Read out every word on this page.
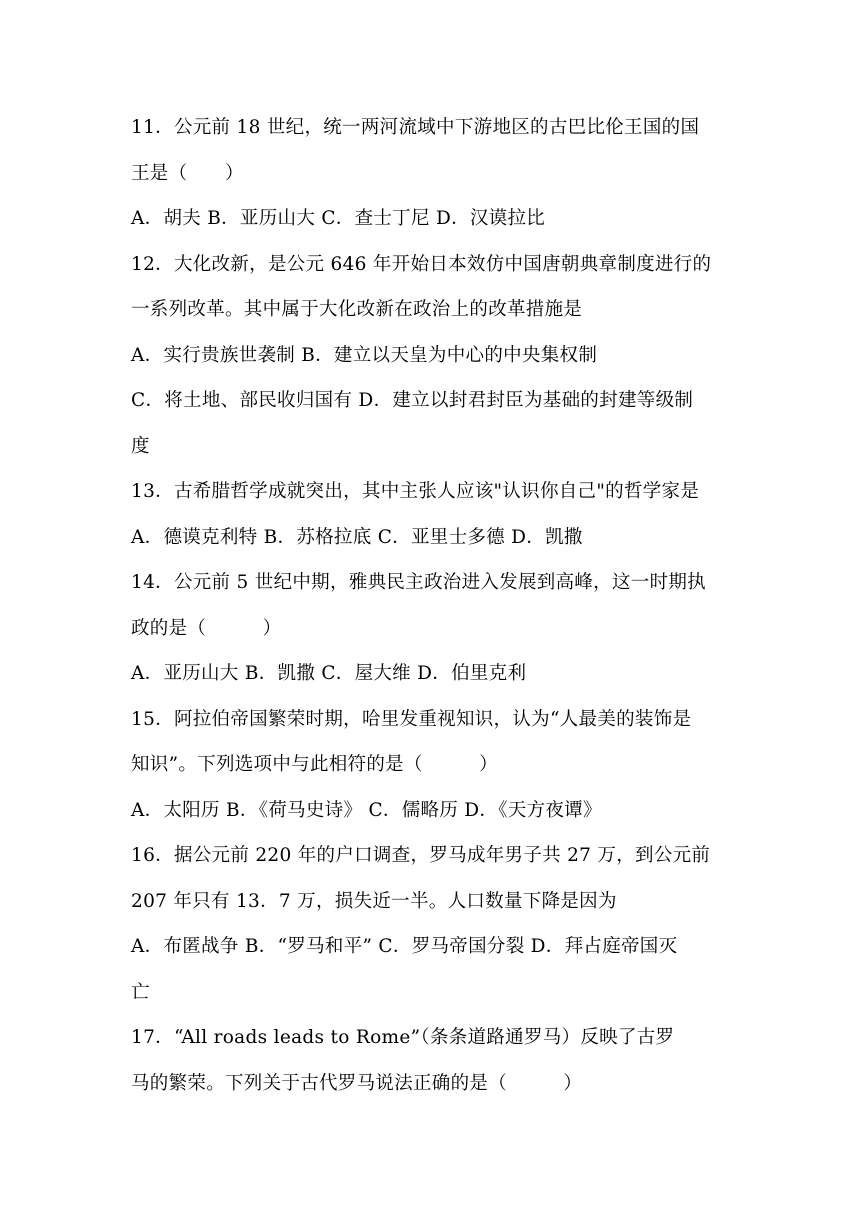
11．公元前 18 世纪，统一两河流域中下游地区的古巴比伦王国的国
王是（　　）
A．胡夫 B．亚历山大 C．查士丁尼 D．汉谟拉比
12．大化改新，是公元 646 年开始日本效仿中国唐朝典章制度进行的
一系列改革。其中属于大化改新在政治上的改革措施是
A．实行贵族世袭制 B．建立以天皇为中心的中央集权制
C．将土地、部民收归国有 D．建立以封君封臣为基础的封建等级制
度
13．古希腊哲学成就突出，其中主张人应该"认识你自己"的哲学家是
A．德谟克利特 B．苏格拉底 C．亚里士多德 D．凯撒
14．公元前 5 世纪中期，雅典民主政治进入发展到高峰，这一时期执
政的是（　　　）
A．亚历山大 B．凯撒 C．屋大维 D．伯里克利
15．阿拉伯帝国繁荣时期，哈里发重视知识，认为“人最美的装饰是
知识”。下列选项中与此相符的是（　　　）
A．太阳历 B．《荷马史诗》 C．儒略历 D．《天方夜谭》
16．据公元前 220 年的户口调查，罗马成年男子共 27 万，到公元前
207 年只有 13．7 万，损失近一半。人口数量下降是因为
A．布匿战争 B．“罗马和平” C．罗马帝国分裂 D．拜占庭帝国灭
亡
17．“All roads leads to Rome”（条条道路通罗马）反映了古罗
马的繁荣。下列关于古代罗马说法正确的是（　　　）
